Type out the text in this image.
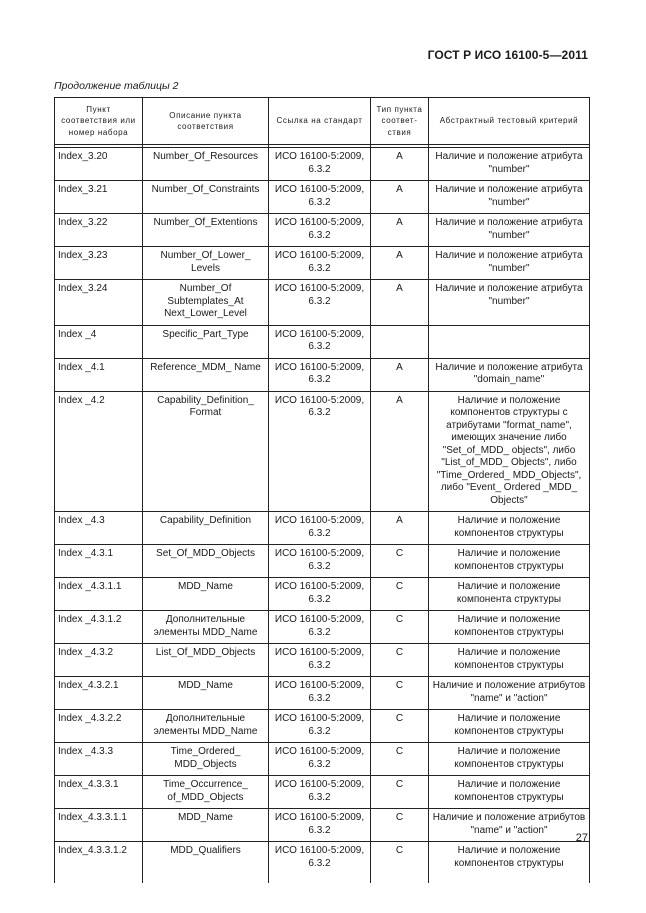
ГОСТ Р ИСО 16100-5—2011
Продолжение таблицы 2
Пункт соответствия или номер набора	Описание пункта соответствия	Ссылка на стандарт	Тип пункта соответ-ствия	Абстрактный тестовый критерий

Index_3.20	Number_Of_Resources	ИСО 16100-5:2009, 6.3.2	A	Наличие и положение атрибута "number"
Index_3.21	Number_Of_Constraints	ИСО 16100-5:2009, 6.3.2	A	Наличие и положение атрибута "number"
Index_3.22	Number_Of_Extentions	ИСО 16100-5:2009, 6.3.2	A	Наличие и положение атрибута "number"
Index_3.23	Number_Of_Lower_ Levels	ИСО 16100-5:2009, 6.3.2	A	Наличие и положение атрибута "number"
Index_3.24	Number_Of Subtemplates_At Next_Lower_Level	ИСО 16100-5:2009, 6.3.2	A	Наличие и положение атрибута "number"
Index _4	Specific_Part_Type	ИСО 16100-5:2009, 6.3.2		
Index _4.1	Reference_MDM_ Name	ИСО 16100-5:2009, 6.3.2	A	Наличие и положение атрибута "domain_name"
Index _4.2	Capability_Definition_ Format	ИСО 16100-5:2009, 6.3.2	A	Наличие и положение компонентов структуры с атрибутами "format_name", имеющих значение либо "Set_of_MDD_ objects", либо "List_of_MDD_ Objects", либо "Time_Ordered_ MDD_Objects", либо "Event_ Ordered _MDD_ Objects"
Index _4.3	Capability_Definition	ИСО 16100-5:2009, 6.3.2	A	Наличие и положение компонентов структуры
Index _4.3.1	Set_Of_MDD_Objects	ИСО 16100-5:2009, 6.3.2	C	Наличие и положение компонентов структуры
Index _4.3.1.1	MDD_Name	ИСО 16100-5:2009, 6.3.2	C	Наличие и положение компонента структуры
Index _4.3.1.2	Дополнительные элементы MDD_Name	ИСО 16100-5:2009, 6.3.2	C	Наличие и положение компонентов структуры
Index _4.3.2	List_Of_MDD_Objects	ИСО 16100-5:2009, 6.3.2	C	Наличие и положение компонентов структуры
Index_4.3.2.1	MDD_Name	ИСО 16100-5:2009, 6.3.2	C	Наличие и положение атрибутов "name" и "action"
Index _4.3.2.2	Дополнительные элементы MDD_Name	ИСО 16100-5:2009, 6.3.2	C	Наличие и положение компонентов структуры
Index _4.3.3	Time_Ordered_ MDD_Objects	ИСО 16100-5:2009, 6.3.2	C	Наличие и положение компонентов структуры
Index_4.3.3.1	Time_Occurrence_ of_MDD_Objects	ИСО 16100-5:2009, 6.3.2	C	Наличие и положение компонентов структуры
Index_4.3.3.1.1	MDD_Name	ИСО 16100-5:2009, 6.3.2	C	Наличие и положение атрибутов "name" и "action"
Index_4.3.3.1.2	MDD_Qualifiers	ИСО 16100-5:2009, 6.3.2	C	Наличие и положение компонентов структуры
27
